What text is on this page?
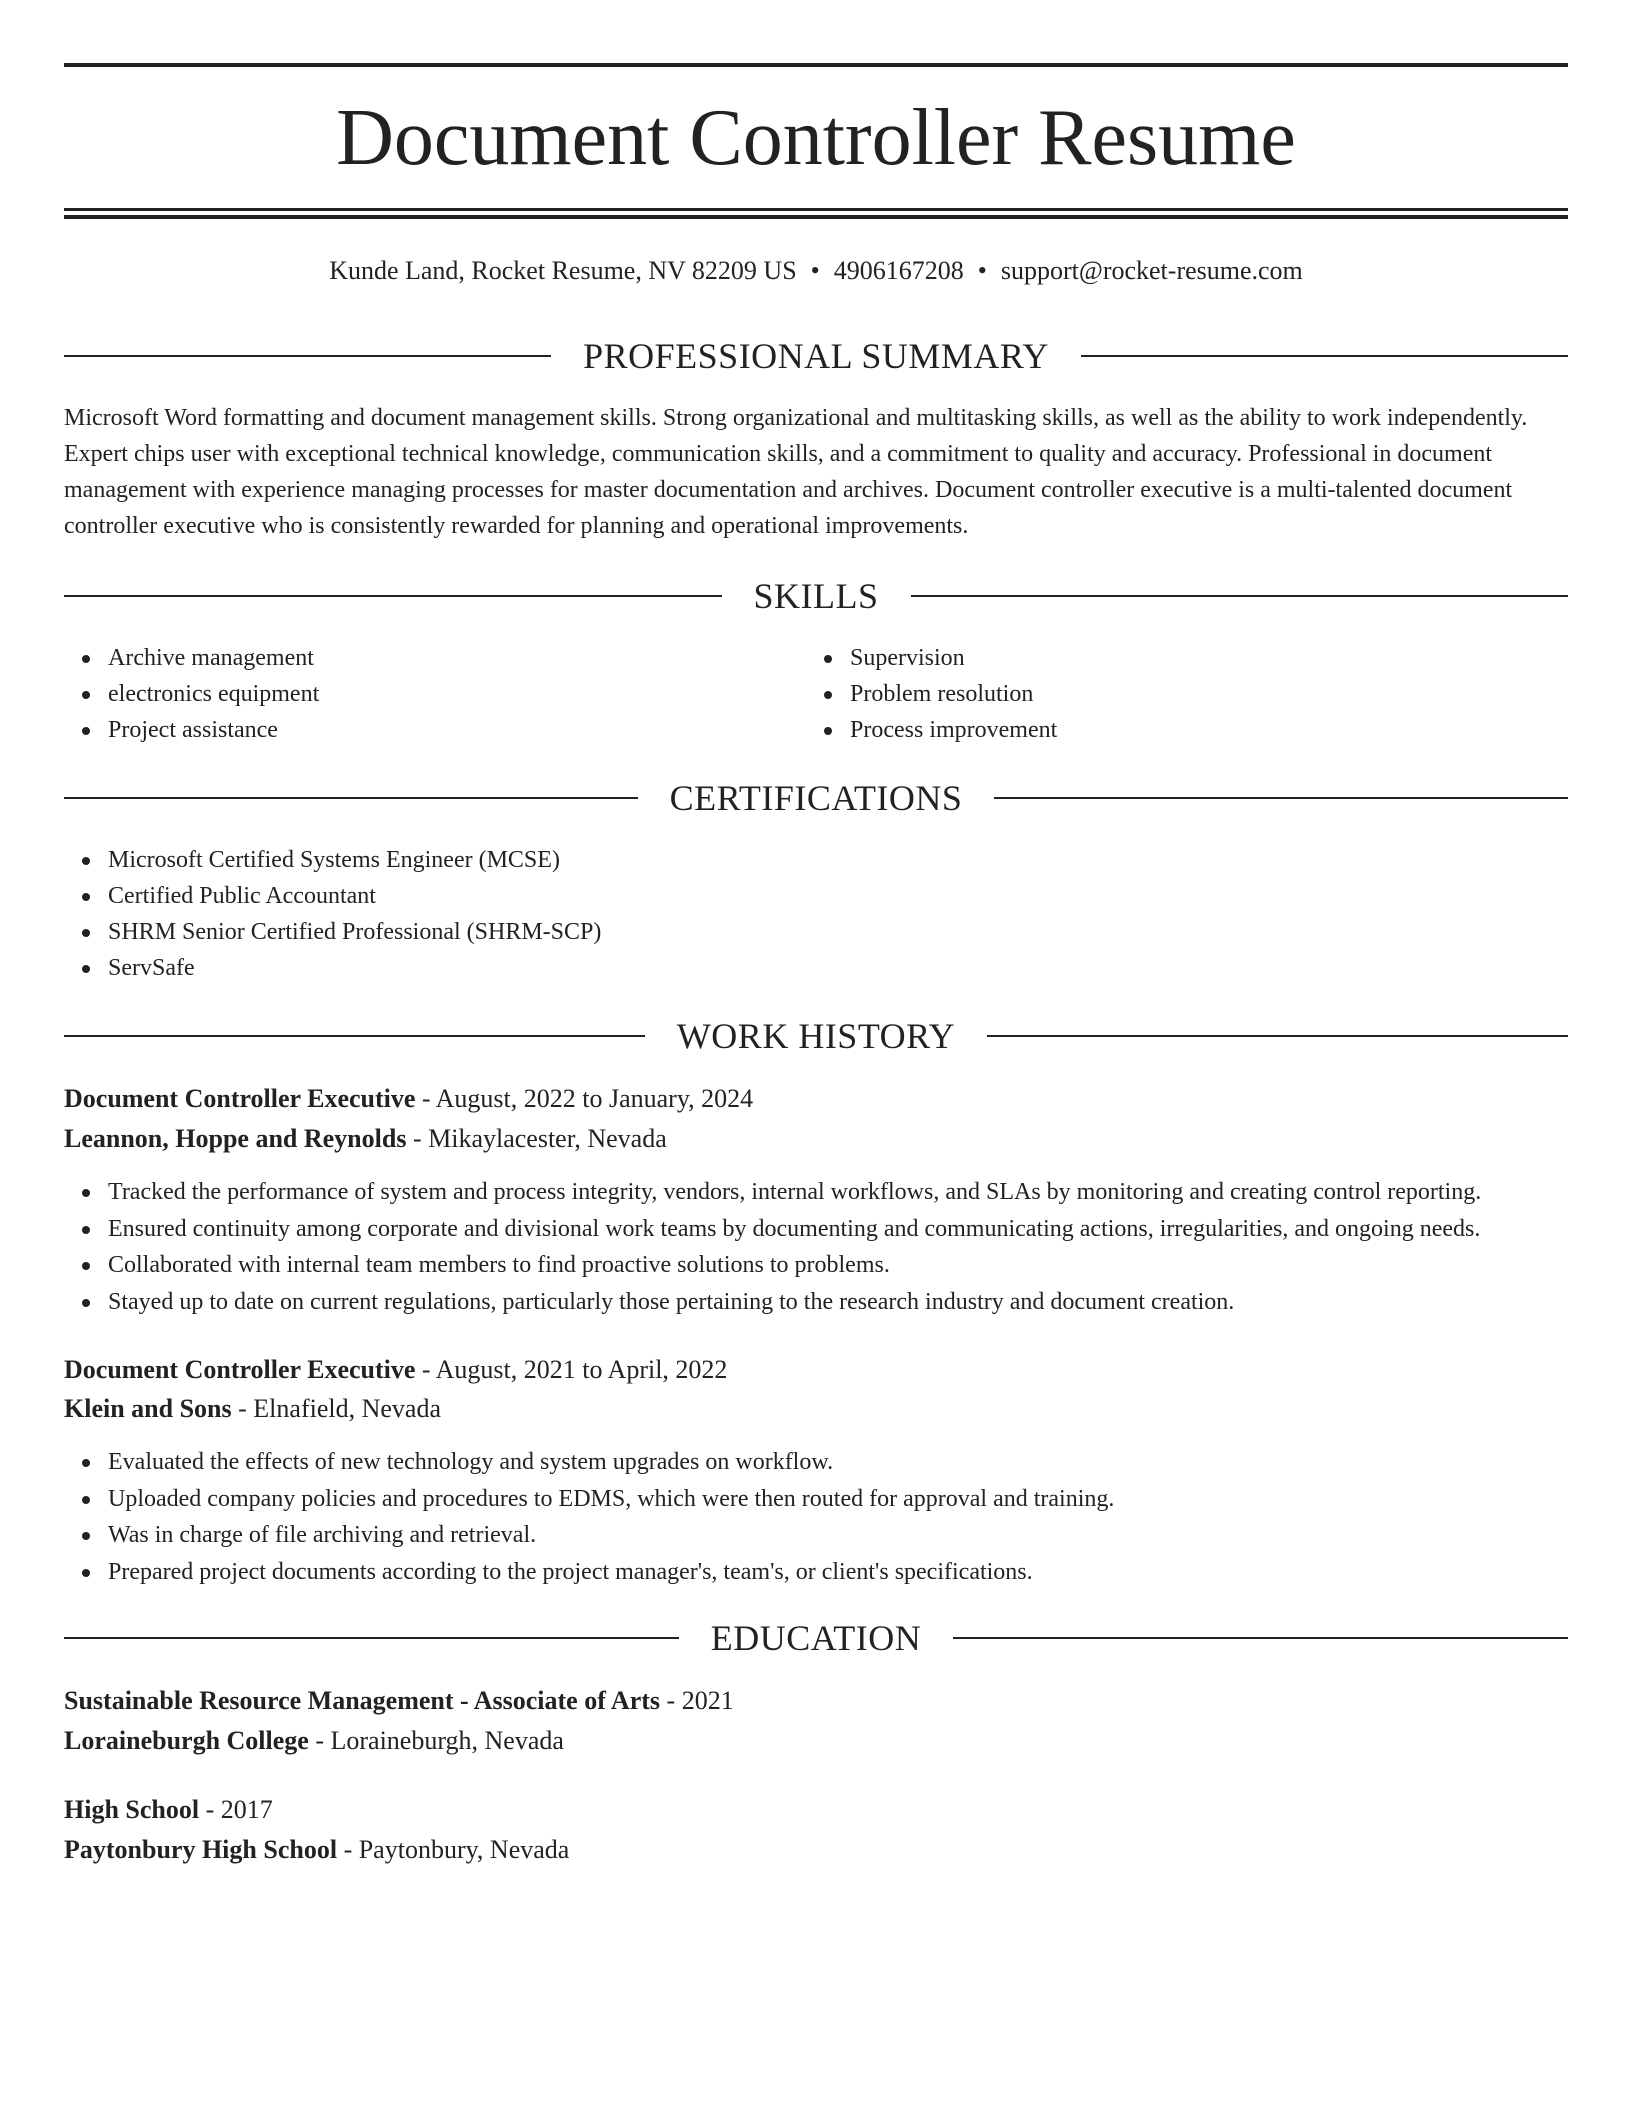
Document Controller Resume
Kunde Land, Rocket Resume, NV 82209 US • 4906167208 • support@rocket-resume.com
PROFESSIONAL SUMMARY

Microsoft Word formatting and document management skills. Strong organizational and multitasking skills, as well as the ability to work independently. Expert chips user with exceptional technical knowledge, communication skills, and a commitment to quality and accuracy. Professional in document management with experience managing processes for master documentation and archives. Document controller executive is a multi-talented document controller executive who is consistently rewarded for planning and operational improvements.

SKILLS
Archive management
electronics equipment
Project assistance
Supervision
Problem resolution
Process improvement
CERTIFICATIONS
Microsoft Certified Systems Engineer (MCSE)
Certified Public Accountant
SHRM Senior Certified Professional (SHRM-SCP)
ServSafe
WORK HISTORY

Document Controller Executive - August, 2022 to January, 2024

Leannon, Hoppe and Reynolds - Mikaylacester, Nevada

Tracked the performance of system and process integrity, vendors, internal workflows, and SLAs by monitoring and creating control reporting.
Ensured continuity among corporate and divisional work teams by documenting and communicating actions, irregularities, and ongoing needs.
Collaborated with internal team members to find proactive solutions to problems.
Stayed up to date on current regulations, particularly those pertaining to the research industry and document creation.

Document Controller Executive - August, 2021 to April, 2022

Klein and Sons - Elnafield, Nevada

Evaluated the effects of new technology and system upgrades on workflow.
Uploaded company policies and procedures to EDMS, which were then routed for approval and training.
Was in charge of file archiving and retrieval.
Prepared project documents according to the project manager's, team's, or client's specifications.
EDUCATION

Sustainable Resource Management - Associate of Arts - 2021

Loraineburgh College - Loraineburgh, Nevada

High School - 2017

Paytonbury High School - Paytonbury, Nevada
